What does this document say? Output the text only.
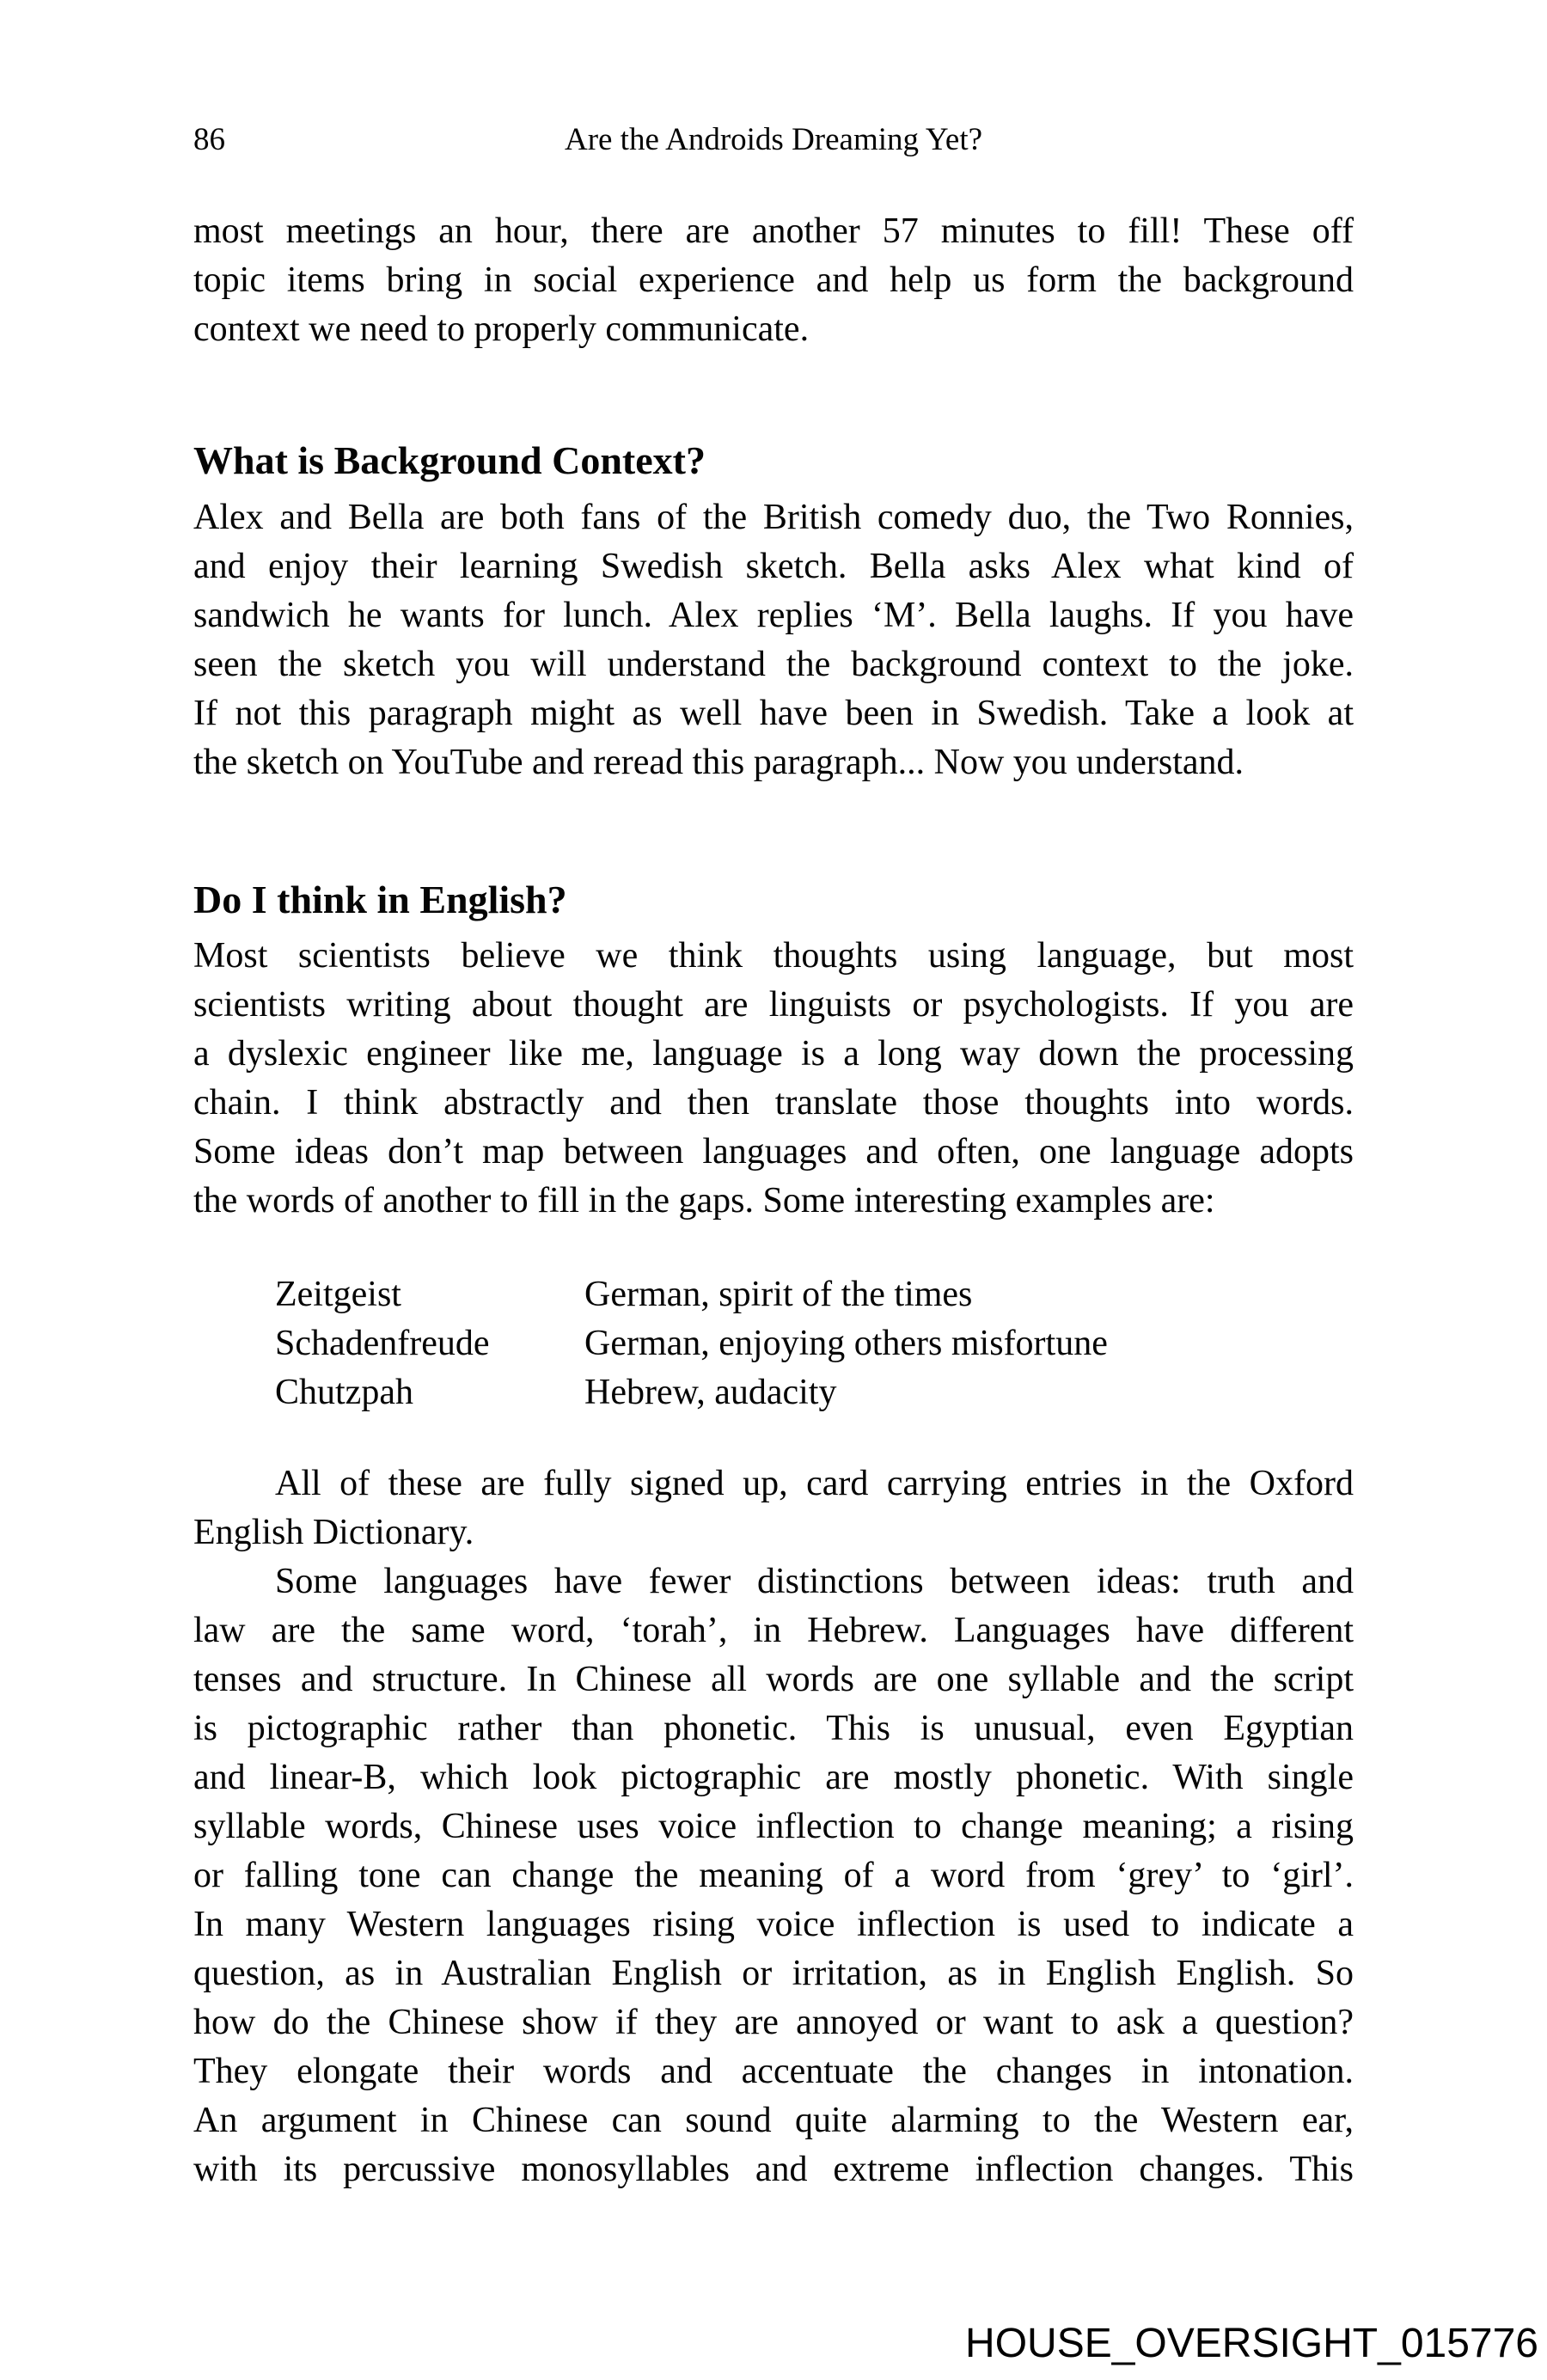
86	Are the Androids Dreaming Yet?
most meetings an hour, there are another 57 minutes to fill! These off
topic items bring in social experience and help us form the background
context we need to properly communicate.
What is Background Context?
Alex and Bella are both fans of the British comedy duo, the Two Ronnies,
and enjoy their learning Swedish sketch. Bella asks Alex what kind of
sandwich he wants for lunch. Alex replies ‘M’. Bella laughs. If you have
seen the sketch you will understand the background context to the joke.
If not this paragraph might as well have been in Swedish. Take a look at
the sketch on YouTube and reread this paragraph... Now you understand.
Do I think in English?
Most scientists believe we think thoughts using language, but most
scientists writing about thought are linguists or psychologists. If you are
a dyslexic engineer like me, language is a long way down the processing
chain. I think abstractly and then translate those thoughts into words.
Some ideas don’t map between languages and often, one language adopts
the words of another to fill in the gaps. Some interesting examples are:
Zeitgeist	German, spirit of the times
Schadenfreude	German, enjoying others misfortune
Chutzpah	Hebrew, audacity
All of these are fully signed up, card carrying entries in the Oxford
English Dictionary.
Some languages have fewer distinctions between ideas: truth and
law are the same word, ‘torah’, in Hebrew. Languages have different
tenses and structure. In Chinese all words are one syllable and the script
is pictographic rather than phonetic. This is unusual, even Egyptian
and linear-B, which look pictographic are mostly phonetic. With single
syllable words, Chinese uses voice inflection to change meaning; a rising
or falling tone can change the meaning of a word from ‘grey’ to ‘girl’.
In many Western languages rising voice inflection is used to indicate a
question, as in Australian English or irritation, as in English English. So
how do the Chinese show if they are annoyed or want to ask a question?
They elongate their words and accentuate the changes in intonation.
An argument in Chinese can sound quite alarming to the Western ear,
with its percussive monosyllables and extreme inflection changes. This
HOUSE_OVERSIGHT_015776
